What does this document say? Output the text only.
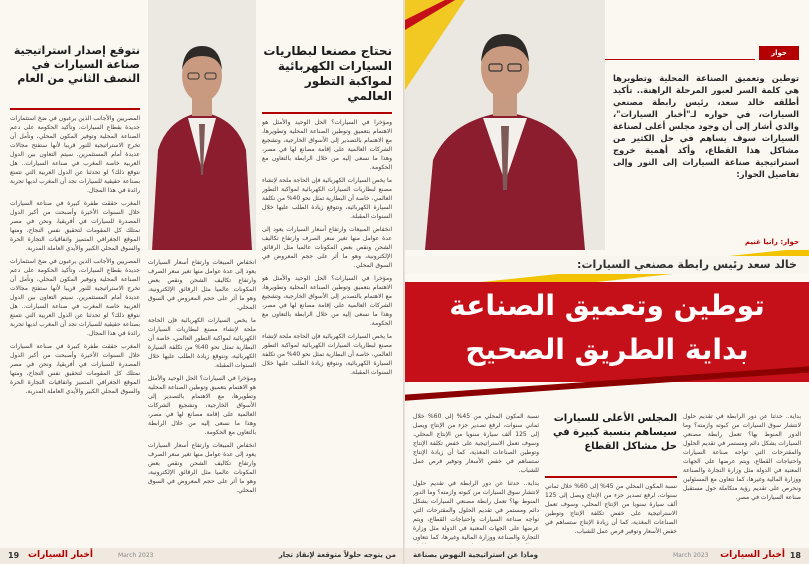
نحتاج مصنعا لبطاريات السيارات الكهربائية لمواكبة التطور العالمي

ومؤخرا في السيارات؟ الحل الوحيد والأمثل هو الاهتمام بتعميق وتوطين الصناعة المحلية وتطويرها، مع الاهتمام بالتصدير إلى الأسواق الخارجية، وتشجيع الشركات العالمية على إقامة مصانع لها في مصر، وهذا ما نسعى إليه من خلال الرابطة بالتعاون مع الحكومة.

ما يخص السيارات الكهربائية فإن الحاجة ملحة لإنشاء مصنع لبطاريات السيارات الكهربائية لمواكبة التطور العالمي، خاصة أن البطارية تمثل نحو 40% من تكلفة السيارة الكهربائية، ونتوقع زيادة الطلب عليها خلال السنوات المقبلة.

انخفاض المبيعات وارتفاع أسعار السيارات يعود إلى عدة عوامل منها تغير سعر الصرف وارتفاع تكاليف الشحن ونقص بعض المكونات عالميا مثل الرقائق الإلكترونية، وهو ما أثر على حجم المعروض في السوق المحلي.

ومؤخرا في السيارات؟ الحل الوحيد والأمثل هو الاهتمام بتعميق وتوطين الصناعة المحلية وتطويرها، مع الاهتمام بالتصدير إلى الأسواق الخارجية، وتشجيع الشركات العالمية على إقامة مصانع لها في مصر، وهذا ما نسعى إليه من خلال الرابطة بالتعاون مع الحكومة.

ما يخص السيارات الكهربائية فإن الحاجة ملحة لإنشاء مصنع لبطاريات السيارات الكهربائية لمواكبة التطور العالمي، خاصة أن البطارية تمثل نحو 40% من تكلفة السيارة الكهربائية، ونتوقع زيادة الطلب عليها خلال السنوات المقبلة.

انخفاض المبيعات وارتفاع أسعار السيارات يعود إلى عدة عوامل منها تغير سعر الصرف وارتفاع تكاليف الشحن ونقص بعض المكونات عالميا مثل الرقائق الإلكترونية، وهو ما أثر على حجم المعروض في السوق المحلي.

ما يخص السيارات الكهربائية فإن الحاجة ملحة لإنشاء مصنع لبطاريات السيارات الكهربائية لمواكبة التطور العالمي، خاصة أن البطارية تمثل نحو 40% من تكلفة السيارة الكهربائية، ونتوقع زيادة الطلب عليها خلال السنوات المقبلة.

ومؤخرا في السيارات؟ الحل الوحيد والأمثل هو الاهتمام بتعميق وتوطين الصناعة المحلية وتطويرها، مع الاهتمام بالتصدير إلى الأسواق الخارجية، وتشجيع الشركات العالمية على إقامة مصانع لها في مصر، وهذا ما نسعى إليه من خلال الرابطة بالتعاون مع الحكومة.

انخفاض المبيعات وارتفاع أسعار السيارات يعود إلى عدة عوامل منها تغير سعر الصرف وارتفاع تكاليف الشحن ونقص بعض المكونات عالميا مثل الرقائق الإلكترونية، وهو ما أثر على حجم المعروض في السوق المحلي.

نتوقع إصدار استراتيجية صناعة السيارات في النصف الثاني من العام

المصريين والأجانب الذين يرغبون في ضخ استثمارات جديدة بقطاع السيارات، وتأكيد الحكومة على دعم الصناعة المحلية وتوفير المكون المحلي، ونأمل أن تخرج الاستراتيجية للنور قريبا لأنها ستفتح مجالات عديدة أمام المستثمرين. سيتم التعاون بين الدول العربية خاصة المغرب في صناعة السيارات.. هل نتوقع ذلك؟ لو تحدثنا عن الدول العربية التي تتمتع بصناعة حقيقية للسيارات نجد أن المغرب لديها تجربة رائدة في هذا المجال.

المغرب حققت طفرة كبيرة في صناعة السيارات خلال السنوات الأخيرة وأصبحت من أكبر الدول المصدرة للسيارات في أفريقيا، ونحن في مصر نمتلك كل المقومات لتحقيق نفس النجاح، ومنها الموقع الجغرافي المتميز واتفاقيات التجارة الحرة والسوق المحلي الكبير والأيدي العاملة المدربة.

المصريين والأجانب الذين يرغبون في ضخ استثمارات جديدة بقطاع السيارات، وتأكيد الحكومة على دعم الصناعة المحلية وتوفير المكون المحلي، ونأمل أن تخرج الاستراتيجية للنور قريبا لأنها ستفتح مجالات عديدة أمام المستثمرين. سيتم التعاون بين الدول العربية خاصة المغرب في صناعة السيارات.. هل نتوقع ذلك؟ لو تحدثنا عن الدول العربية التي تتمتع بصناعة حقيقية للسيارات نجد أن المغرب لديها تجربة رائدة في هذا المجال.

المغرب حققت طفرة كبيرة في صناعة السيارات خلال السنوات الأخيرة وأصبحت من أكبر الدول المصدرة للسيارات في أفريقيا، ونحن في مصر نمتلك كل المقومات لتحقيق نفس النجاح، ومنها الموقع الجغرافي المتميز واتفاقيات التجارة الحرة والسوق المحلي الكبير والأيدي العاملة المدربة.

19 أخبار السيارات	March 2023	من يتوجه حلولاً متوقعة لإنقاذ تجار
حوار
توطين وتعميق الصناعة المحلية وتطويرها هي كلمة السر لعبور المرحلة الراهنة.. تأكيد أطلقه خالد سعد، رئيس رابطة مصنعي السيارات، في حواره لـ"أخبار السيارات"، والذي أشار إلى أن وجود مجلس أعلى لصناعة السيارات سوف يساهم في حل الكثير من مشاكل هذا القطاع، وأكد أهمية خروج استراتيجية صناعة السيارات إلى النور وإلى تفاصيل الحوار:
حوار: رانيا غنيم
خالد سعد رئيس رابطة مصنعي السيارات:
توطين وتعميق الصناعة
بداية الطريق الصحيح
المجلس الأعلى للسيارات سيساهم بنسبة كبيرة في حل مشاكل القطاع

بداية.. حدثنا عن دور الرابطة في تقديم حلول لانتشار سوق السيارات من كبوته وازمته؟ وما الدور المنوط بها؟ تعمل رابطة مصنعي السيارات بشكل دائم ومستمر في تقديم الحلول والمقترحات التي تواجه صناعة السيارات واحتياجات القطاع، ويتم عرضها على الجهات المعنية في الدولة مثل وزارة التجارة والصناعة ووزارة المالية وغيرها، كما نتعاون مع المسئولين ونحرص على تقديم رؤية متكاملة حول مستقبل صناعة السيارات في مصر.

نسبة المكون المحلي من 45% إلى 60% خلال ثماني سنوات، لرفع تصدير جزء من الإنتاج ويصل إلى 125 ألف سيارة سنويا من الإنتاج المحلي، وسوف تعمل الاستراتيجية على خفض تكلفة الإنتاج وتوطين الصناعات المغذية، كما أن زيادة الإنتاج ستساهم في خفض الأسعار وتوفير فرص عمل للشباب.

نسبة المكون المحلي من 45% إلى 60% خلال ثماني سنوات، لرفع تصدير جزء من الإنتاج ويصل إلى 125 ألف سيارة سنويا من الإنتاج المحلي، وسوف تعمل الاستراتيجية على خفض تكلفة الإنتاج وتوطين الصناعات المغذية، كما أن زيادة الإنتاج ستساهم في خفض الأسعار وتوفير فرص عمل للشباب.

بداية.. حدثنا عن دور الرابطة في تقديم حلول لانتشار سوق السيارات من كبوته وازمته؟ وما الدور المنوط بها؟ تعمل رابطة مصنعي السيارات بشكل دائم ومستمر في تقديم الحلول والمقترحات التي تواجه صناعة السيارات واحتياجات القطاع، ويتم عرضها على الجهات المعنية في الدولة مثل وزارة التجارة والصناعة ووزارة المالية وغيرها، كما نتعاون

وماذا عن استراتيجية النهوض بصناعة	March 2023 أخبار السيارات 18
